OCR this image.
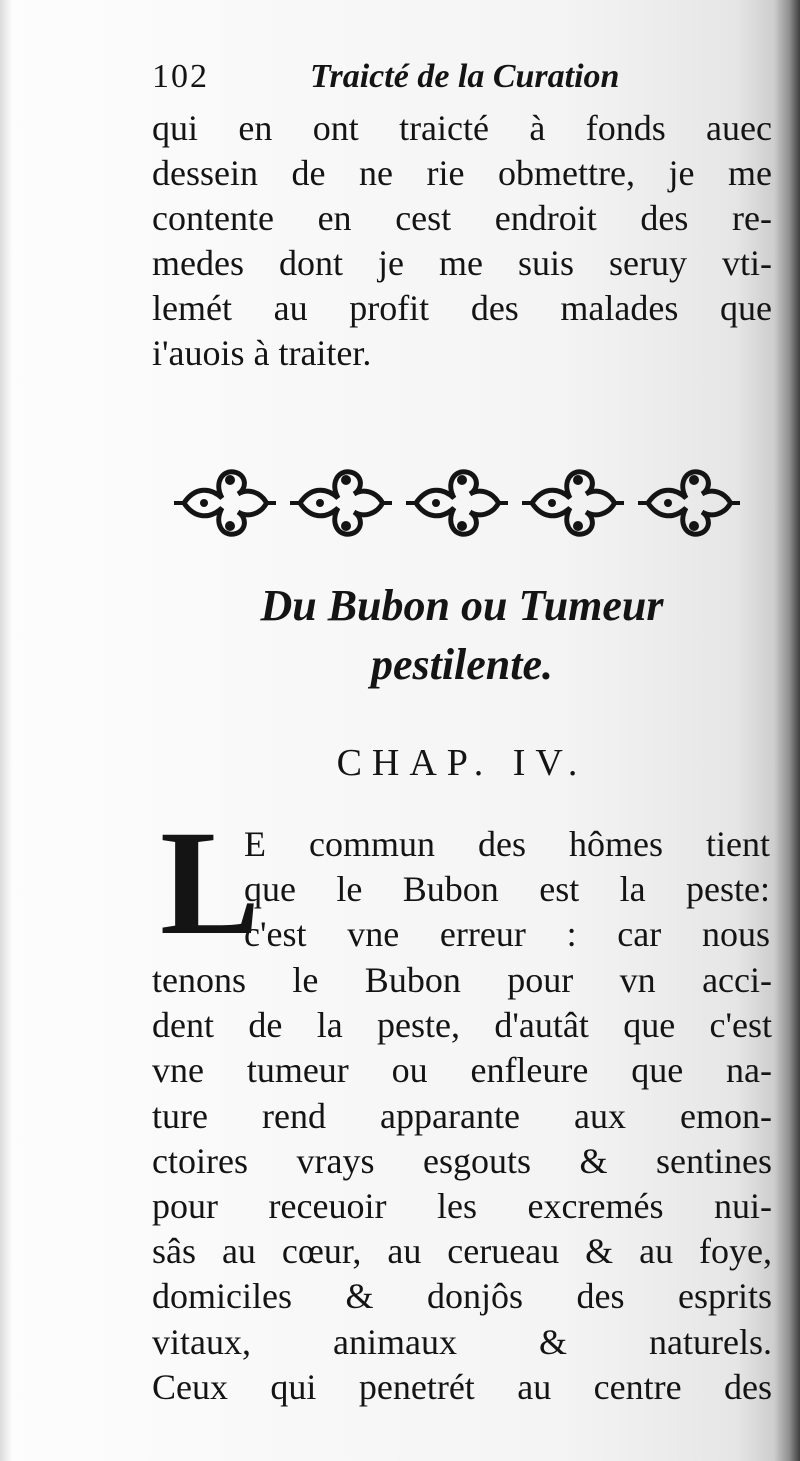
102	Traicté de la Curation
qui en ont traicté à fonds auec
dessein de ne rie obmettre, je me
contente en cest endroit des re-
medes dont je me suis seruy vti-
lemét au profit des malades que
i'auois à traiter.
Du Bubon ou Tumeur
pestilente.
CHAP. IV.
L
E commun des hômes tient
que le Bubon est la peste:
c'est vne erreur : car nous
tenons le Bubon pour vn acci-
dent de la peste, d'autât que c'est
vne tumeur ou enfleure que na-
ture rend apparante aux emon-
ctoires vrays esgouts & sentines
pour receuoir les excremés nui-
sâs au cœur, au cerueau & au foye,
domiciles & donjôs des esprits
vitaux, animaux & naturels.
Ceux qui penetrét au centre des
